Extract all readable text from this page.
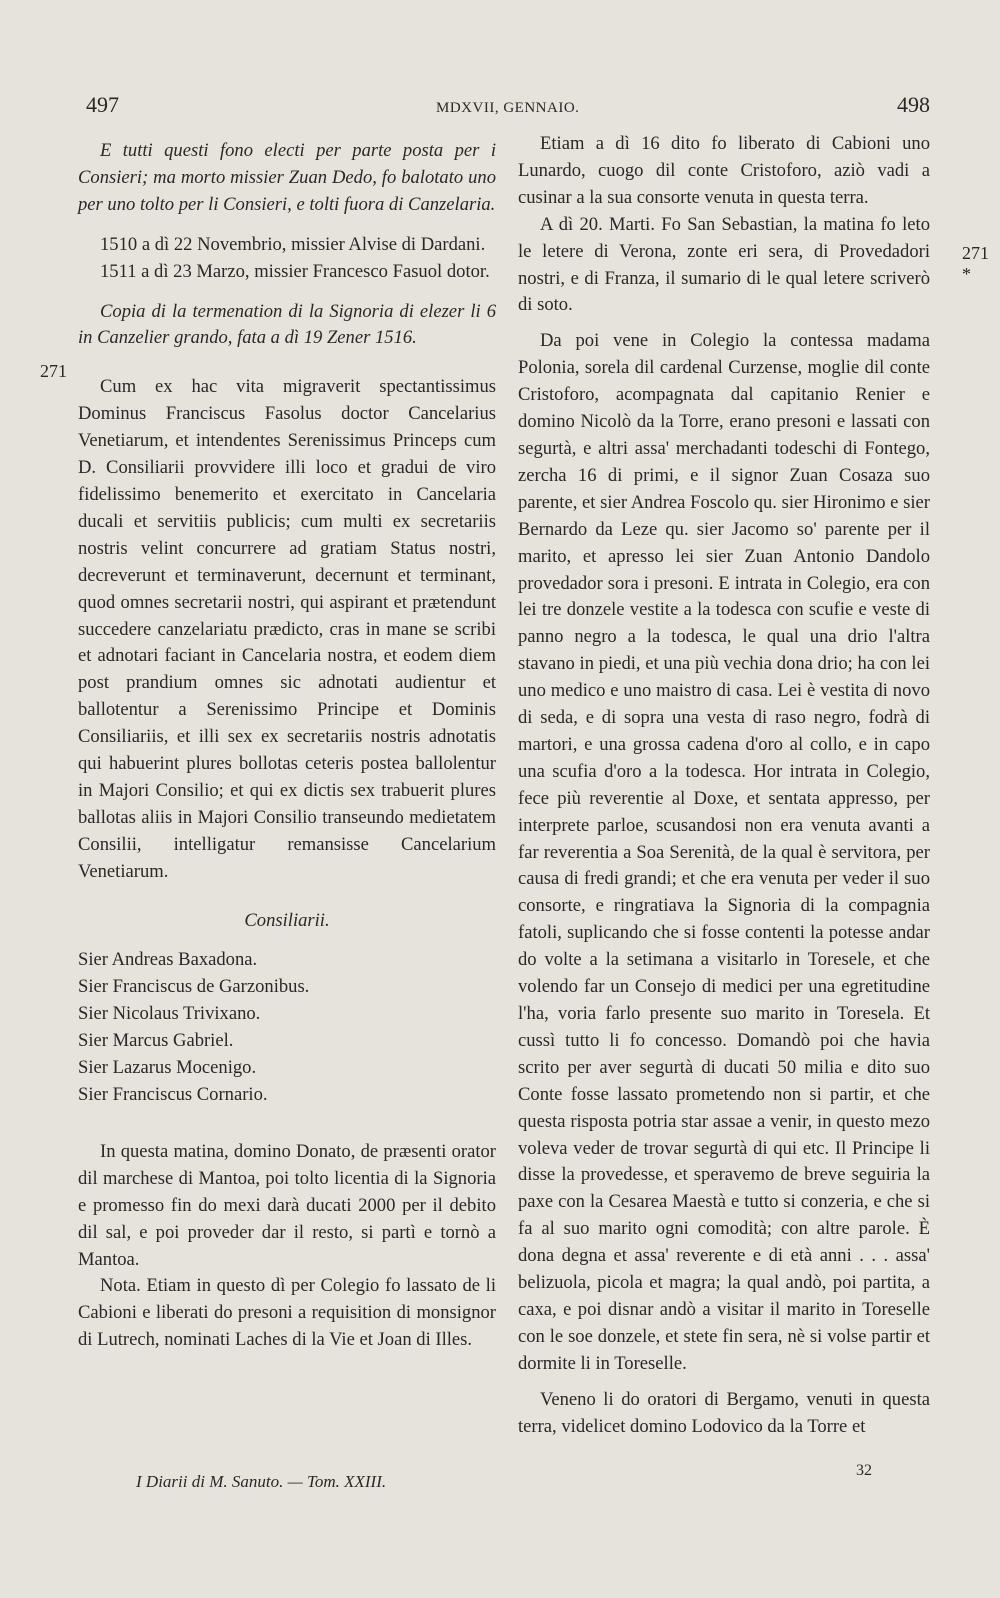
497	MDXVII, GENNAIO.	498
271
271 *

E tutti questi fono electi per parte posta per i Consieri; ma morto missier Zuan Dedo, fo balotato uno per uno tolto per li Consieri, e tolti fuora di Canzelaria.

1510 a dì 22 Novembrio, missier Alvise di Dardani.

1511 a dì 23 Marzo, missier Francesco Fasuol dotor.

Copia di la termenation di la Signoria di elezer li 6 in Canzelier grando, fata a dì 19 Zener 1516.

Cum ex hac vita migraverit spectantissimus Dominus Franciscus Fasolus doctor Cancelarius Venetiarum, et intendentes Serenissimus Princeps cum D. Consiliarii provvidere illi loco et gradui de viro fidelissimo benemerito et exercitato in Cancelaria ducali et servitiis publicis; cum multi ex secretariis nostris velint concurrere ad gratiam Status nostri, decreverunt et terminaverunt, decernunt et terminant, quod omnes secretarii nostri, qui aspirant et prætendunt succedere canzelariatu prædicto, cras in mane se scribi et adnotari faciant in Cancelaria nostra, et eodem diem post prandium omnes sic adnotati audientur et ballotentur a Serenissimo Principe et Dominis Consiliariis, et illi sex ex secretariis nostris adnotatis qui habuerint plures bollotas ceteris postea ballolentur in Majori Consilio; et qui ex dictis sex trabuerit plures ballotas aliis in Majori Consilio transeundo medietatem Consilii, intelligatur remansisse Cancelarium Venetiarum.

Consiliarii.

Sier Andreas Baxadona.

Sier Franciscus de Garzonibus.

Sier Nicolaus Trivixano.

Sier Marcus Gabriel.

Sier Lazarus Mocenigo.

Sier Franciscus Cornario.

In questa matina, domino Donato, de præsenti orator dil marchese di Mantoa, poi tolto licentia di la Signoria e promesso fin do mexi darà ducati 2000 per il debito dil sal, e poi proveder dar il resto, si partì e tornò a Mantoa.

Nota. Etiam in questo dì per Colegio fo lassato de li Cabioni e liberati do presoni a requisition di monsignor di Lutrech, nominati Laches di la Vie et Joan di Illes.

Etiam a dì 16 dito fo liberato di Cabioni uno Lunardo, cuogo dil conte Cristoforo, aziò vadi a cusinar a la sua consorte venuta in questa terra.

A dì 20. Marti. Fo San Sebastian, la matina fo leto le letere di Verona, zonte eri sera, di Provedadori nostri, e di Franza, il sumario di le qual letere scriverò di soto.

Da poi vene in Colegio la contessa madama Polonia, sorela dil cardenal Curzense, moglie dil conte Cristoforo, acompagnata dal capitanio Renier e domino Nicolò da la Torre, erano presoni e lassati con segurtà, e altri assa' merchadanti todeschi di Fontego, zercha 16 di primi, e il signor Zuan Cosaza suo parente, et sier Andrea Foscolo qu. sier Hironimo e sier Bernardo da Leze qu. sier Jacomo so' parente per il marito, et apresso lei sier Zuan Antonio Dandolo provedador sora i presoni. E intrata in Colegio, era con lei tre donzele vestite a la todesca con scufie e veste di panno negro a la todesca, le qual una drio l'altra stavano in piedi, et una più vechia dona drio; ha con lei uno medico e uno maistro di casa. Lei è vestita di novo di seda, e di sopra una vesta di raso negro, fodrà di martori, e una grossa cadena d'oro al collo, e in capo una scufia d'oro a la todesca. Hor intrata in Colegio, fece più reverentie al Doxe, et sentata appresso, per interprete parloe, scusandosi non era venuta avanti a far reverentia a Soa Serenità, de la qual è servitora, per causa di fredi grandi; et che era venuta per veder il suo consorte, e ringratiava la Signoria di la compagnia fatoli, suplicando che si fosse contenti la potesse andar do volte a la setimana a visitarlo in Toresele, et che volendo far un Consejo di medici per una egretitudine l'ha, voria farlo presente suo marito in Toresela. Et cussì tutto li fo concesso. Domandò poi che havia scrito per aver segurtà di ducati 50 milia e dito suo Conte fosse lassato prometendo non si partir, et che questa risposta potria star assae a venir, in questo mezo voleva veder de trovar segurtà di qui etc. Il Principe li disse la provedesse, et speravemo de breve seguiria la paxe con la Cesarea Maestà e tutto si conzeria, e che si fa al suo marito ogni comodità; con altre parole. È dona degna et assa' reverente e di età anni . . . assa' belizuola, picola et magra; la qual andò, poi partita, a caxa, e poi disnar andò a visitar il marito in Toreselle con le soe donzele, et stete fin sera, nè si volse partir et dormite li in Toreselle.

Veneno li do oratori di Bergamo, venuti in questa terra, videlicet domino Lodovico da la Torre et

32
I Diarii di M. Sanuto. — Tom. XXIII.
